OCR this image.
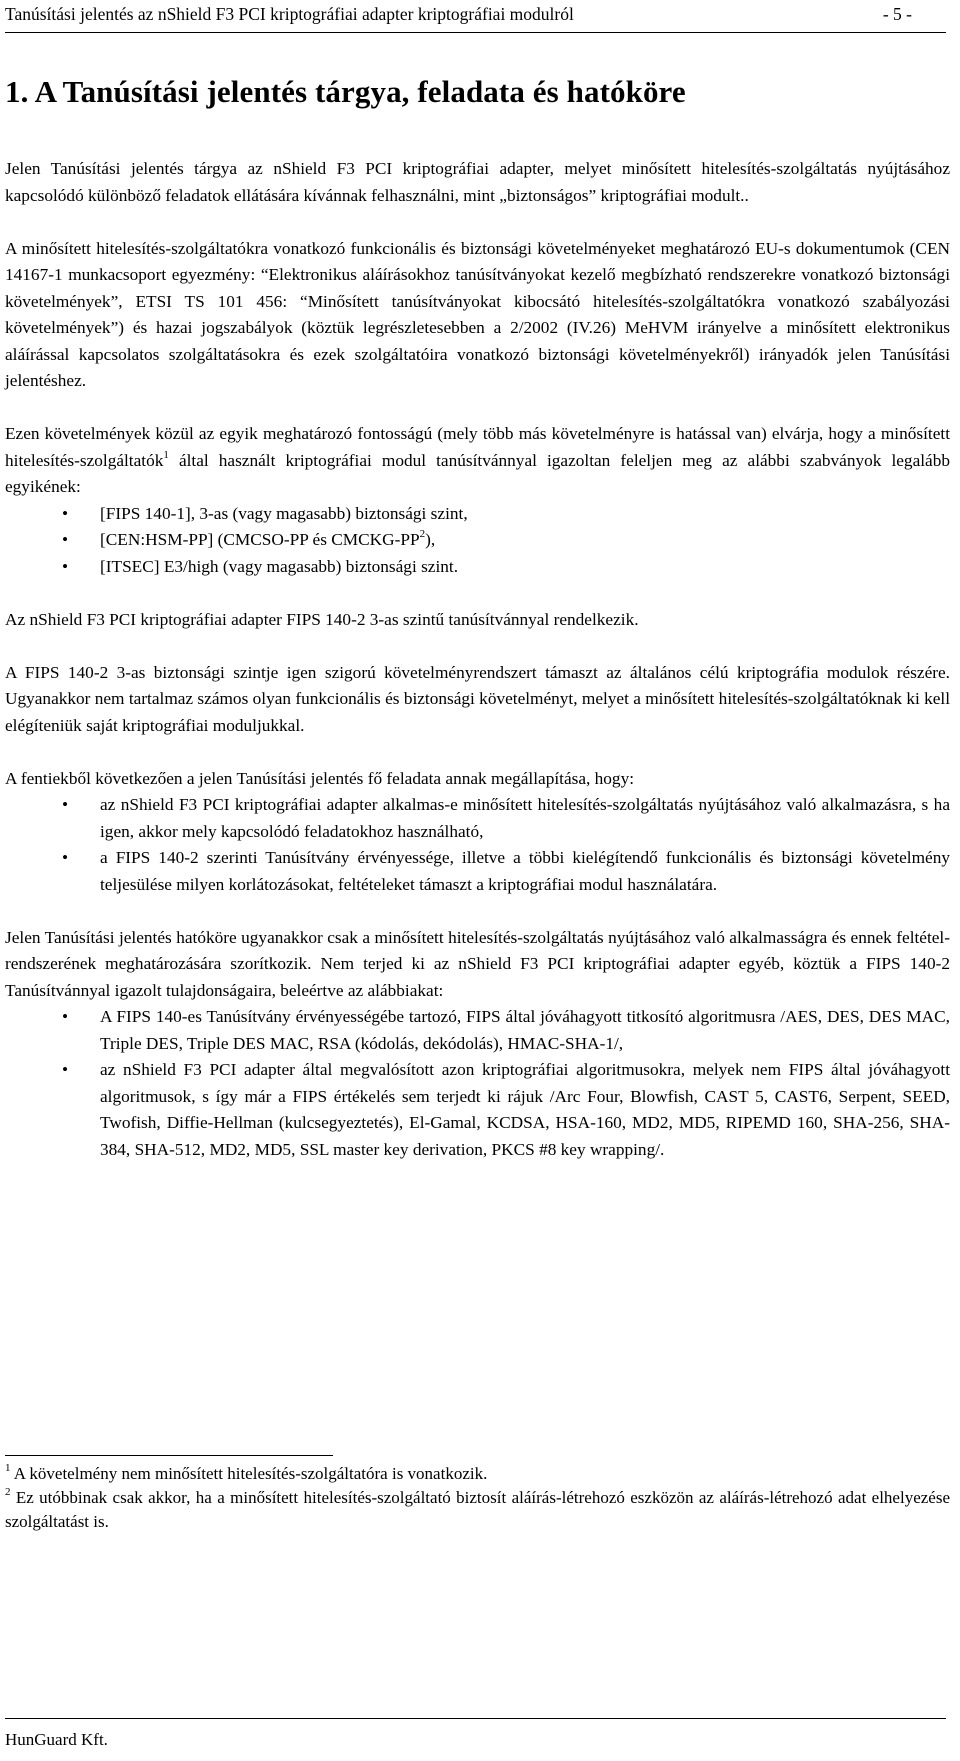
Tanúsítási jelentés az nShield F3 PCI kriptográfiai adapter kriptográfiai modulról	- 5 -
1. A Tanúsítási jelentés tárgya, feladata és hatóköre

Jelen Tanúsítási jelentés tárgya az nShield F3 PCI kriptográfiai adapter, melyet minősített hitelesítés-szolgáltatás nyújtásához kapcsolódó különböző feladatok ellátására kívánnak felhasználni, mint „biztonságos” kriptográfiai modult..

A minősített hitelesítés-szolgáltatókra vonatkozó funkcionális és biztonsági követelményeket meghatározó EU-s dokumentumok (CEN 14167-1 munkacsoport egyezmény: “Elektronikus aláírásokhoz tanúsítványokat kezelő megbízható rendszerekre vonatkozó biztonsági követelmények”, ETSI TS 101 456: “Minősített tanúsítványokat kibocsátó hitelesítés-szolgáltatókra vonatkozó szabályozási követelmények”) és hazai jogszabályok (köztük legrészletesebben a 2/2002 (IV.26) MeHVM irányelve a minősített elektronikus aláírással kapcsolatos szolgáltatásokra és ezek szolgáltatóira vonatkozó biztonsági követelményekről) irányadók jelen Tanúsítási jelentéshez.

Ezen követelmények közül az egyik meghatározó fontosságú (mely több más követelményre is hatással van) elvárja, hogy a minősített hitelesítés-szolgáltatók$^1$ által használt kriptográfiai modul tanúsítvánnyal igazoltan feleljen meg az alábbi szabványok legalább egyikének:

• [FIPS 140-1], 3-as (vagy magasabb) biztonsági szint,
• [CEN:HSM-PP] (CMCSO-PP és CMCKG-$PP^2$),
• [ITSEC] E3/high (vagy magasabb) biztonsági szint.

Az nShield F3 PCI kriptográfiai adapter FIPS 140-2 3-as szintű tanúsítvánnyal rendelkezik.

A FIPS 140-2 3-as biztonsági szintje igen szigorú követelményrendszert támaszt az általános célú kriptográfia modulok részére. Ugyanakkor nem tartalmaz számos olyan funkcionális és biztonsági követelményt, melyet a minősített hitelesítés-szolgáltatóknak ki kell elégíteniük saját kriptográfiai moduljukkal.

A fentiekből következően a jelen Tanúsítási jelentés fő feladata annak megállapítása, hogy:

• az nShield F3 PCI kriptográfiai adapter alkalmas-e minősített hitelesítés-szolgáltatás nyújtásához való alkalmazásra, s ha igen, akkor mely kapcsolódó feladatokhoz használható,
• a FIPS 140-2 szerinti Tanúsítvány érvényessége, illetve a többi kielégítendő funkcionális és biztonsági követelmény teljesülése milyen korlátozásokat, feltételeket támaszt a kriptográfiai modul használatára.

Jelen Tanúsítási jelentés hatóköre ugyanakkor csak a minősített hitelesítés-szolgáltatás nyújtásához való alkalmasságra és ennek feltétel-rendszerének meghatározására szorítkozik. Nem terjed ki az nShield F3 PCI kriptográfiai adapter egyéb, köztük a FIPS 140-2 Tanúsítvánnyal igazolt tulajdonságaira, beleértve az alábbiakat:

• A FIPS 140-es Tanúsítvány érvényességébe tartozó, FIPS által jóváhagyott titkosító algoritmusra /AES, DES, DES MAC, Triple DES, Triple DES MAC, RSA (kódolás, dekódolás), HMAC-SHA-1/,
• az nShield F3 PCI adapter által megvalósított azon kriptográfiai algoritmusokra, melyek nem FIPS által jóváhagyott algoritmusok, s így már a FIPS értékelés sem terjedt ki rájuk /Arc Four, Blowfish, CAST 5, CAST6, Serpent, SEED, Twofish, Diffie-Hellman (kulcsegyeztetés), El-Gamal, KCDSA, HSA-160, MD2, MD5, RIPEMD 160, SHA-256, SHA-384, SHA-512, MD2, MD5, SSL master key derivation, PKCS #8 key wrapping/.
$^1$ A követelmény nem minősített hitelesítés-szolgáltatóra is vonatkozik.
$^2$ Ez utóbbinak csak akkor, ha a minősített hitelesítés-szolgáltató biztosít aláírás-létrehozó eszközön az aláírás-létrehozó adat elhelyezése szolgáltatást is.
HunGuard Kft.
